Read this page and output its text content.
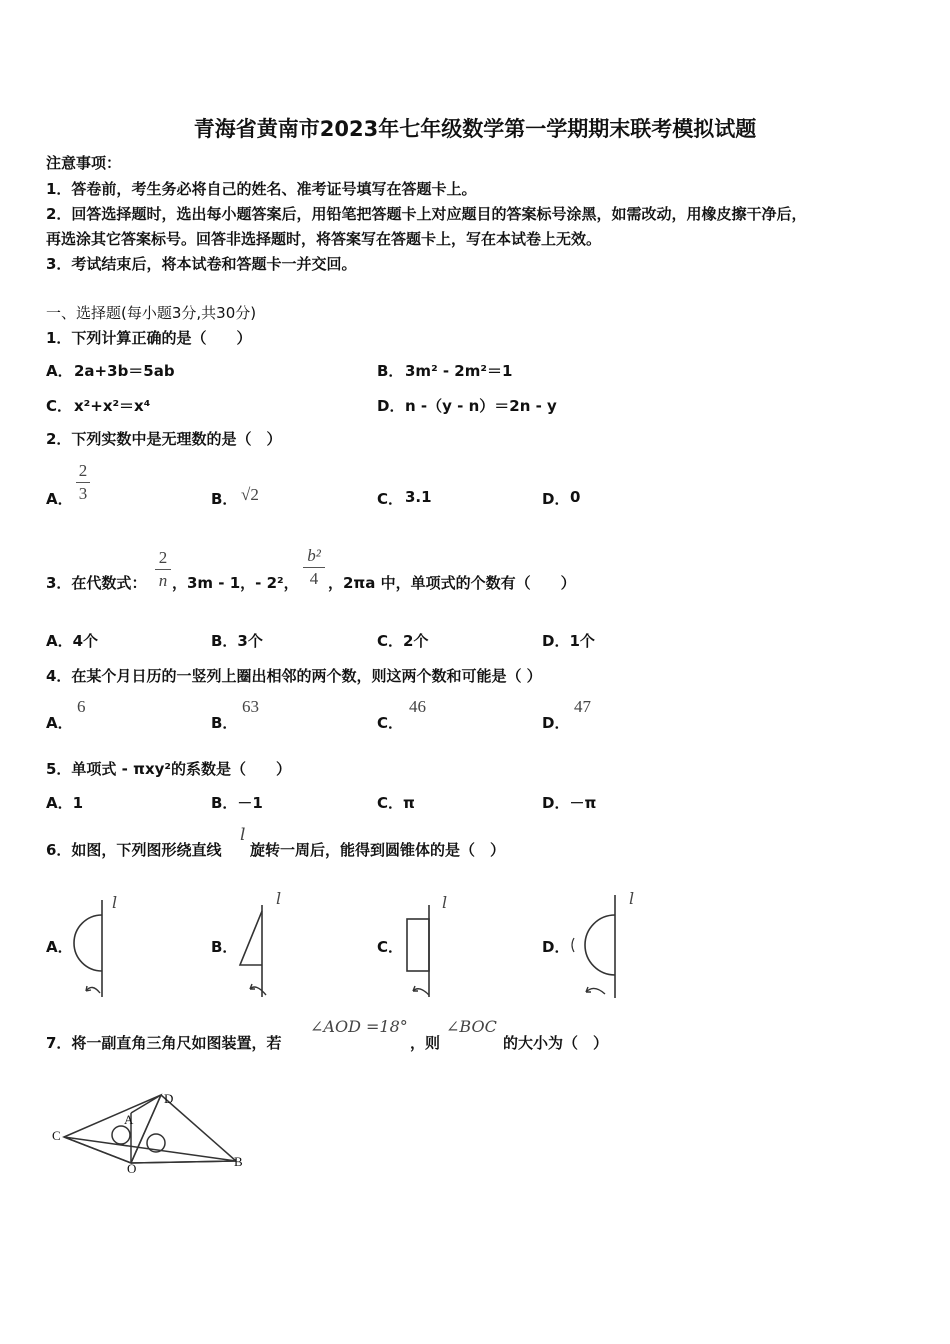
青海省黄南市2023年七年级数学第一学期期末联考模拟试题
注意事项：
1．答卷前，考生务必将自己的姓名、准考证号填写在答题卡上。
2．回答选择题时，选出每小题答案后，用铅笔把答题卡上对应题目的答案标号涂黑，如需改动，用橡皮擦干净后，
再选涂其它答案标号。回答非选择题时，将答案写在答题卡上，写在本试卷上无效。
3．考试结束后，将本试卷和答题卡一并交回。
一、选择题(每小题3分,共30分)
1．下列计算正确的是（　　）
A． 2a+3b＝5ab	B． 3m² - 2m²＝1
C． x²+x²＝x⁴	D． n -（y - n）＝2n - y
2．下列实数中是无理数的是（　）
A．
2
3	B． √2	C． 3.1	D． 0
3．在代数式：
2
n ，3m - 1，- 2²，
b²
4 ，2πa 中，单项式的个数有（　　）
A．4个	B．3个	C．2个	D．1个
4．在某个月日历的一竖列上圈出相邻的两个数，则这两个数和可能是（ ）
A．
6
B．
63
C．
46
D．
47
5．单项式 - πxy²的系数是（　　）
A．1	B．－1	C．π	D．－π
6．如图，下列图形绕直线
l
旋转一周后，能得到圆锥体的是（　）
A．	B．	C．	D．
l	l	l	l
7．将一副直角三角尺如图装置，若
∠AOD =18°
，则
∠BOC
的大小为（　）
D
A
C
O	B
